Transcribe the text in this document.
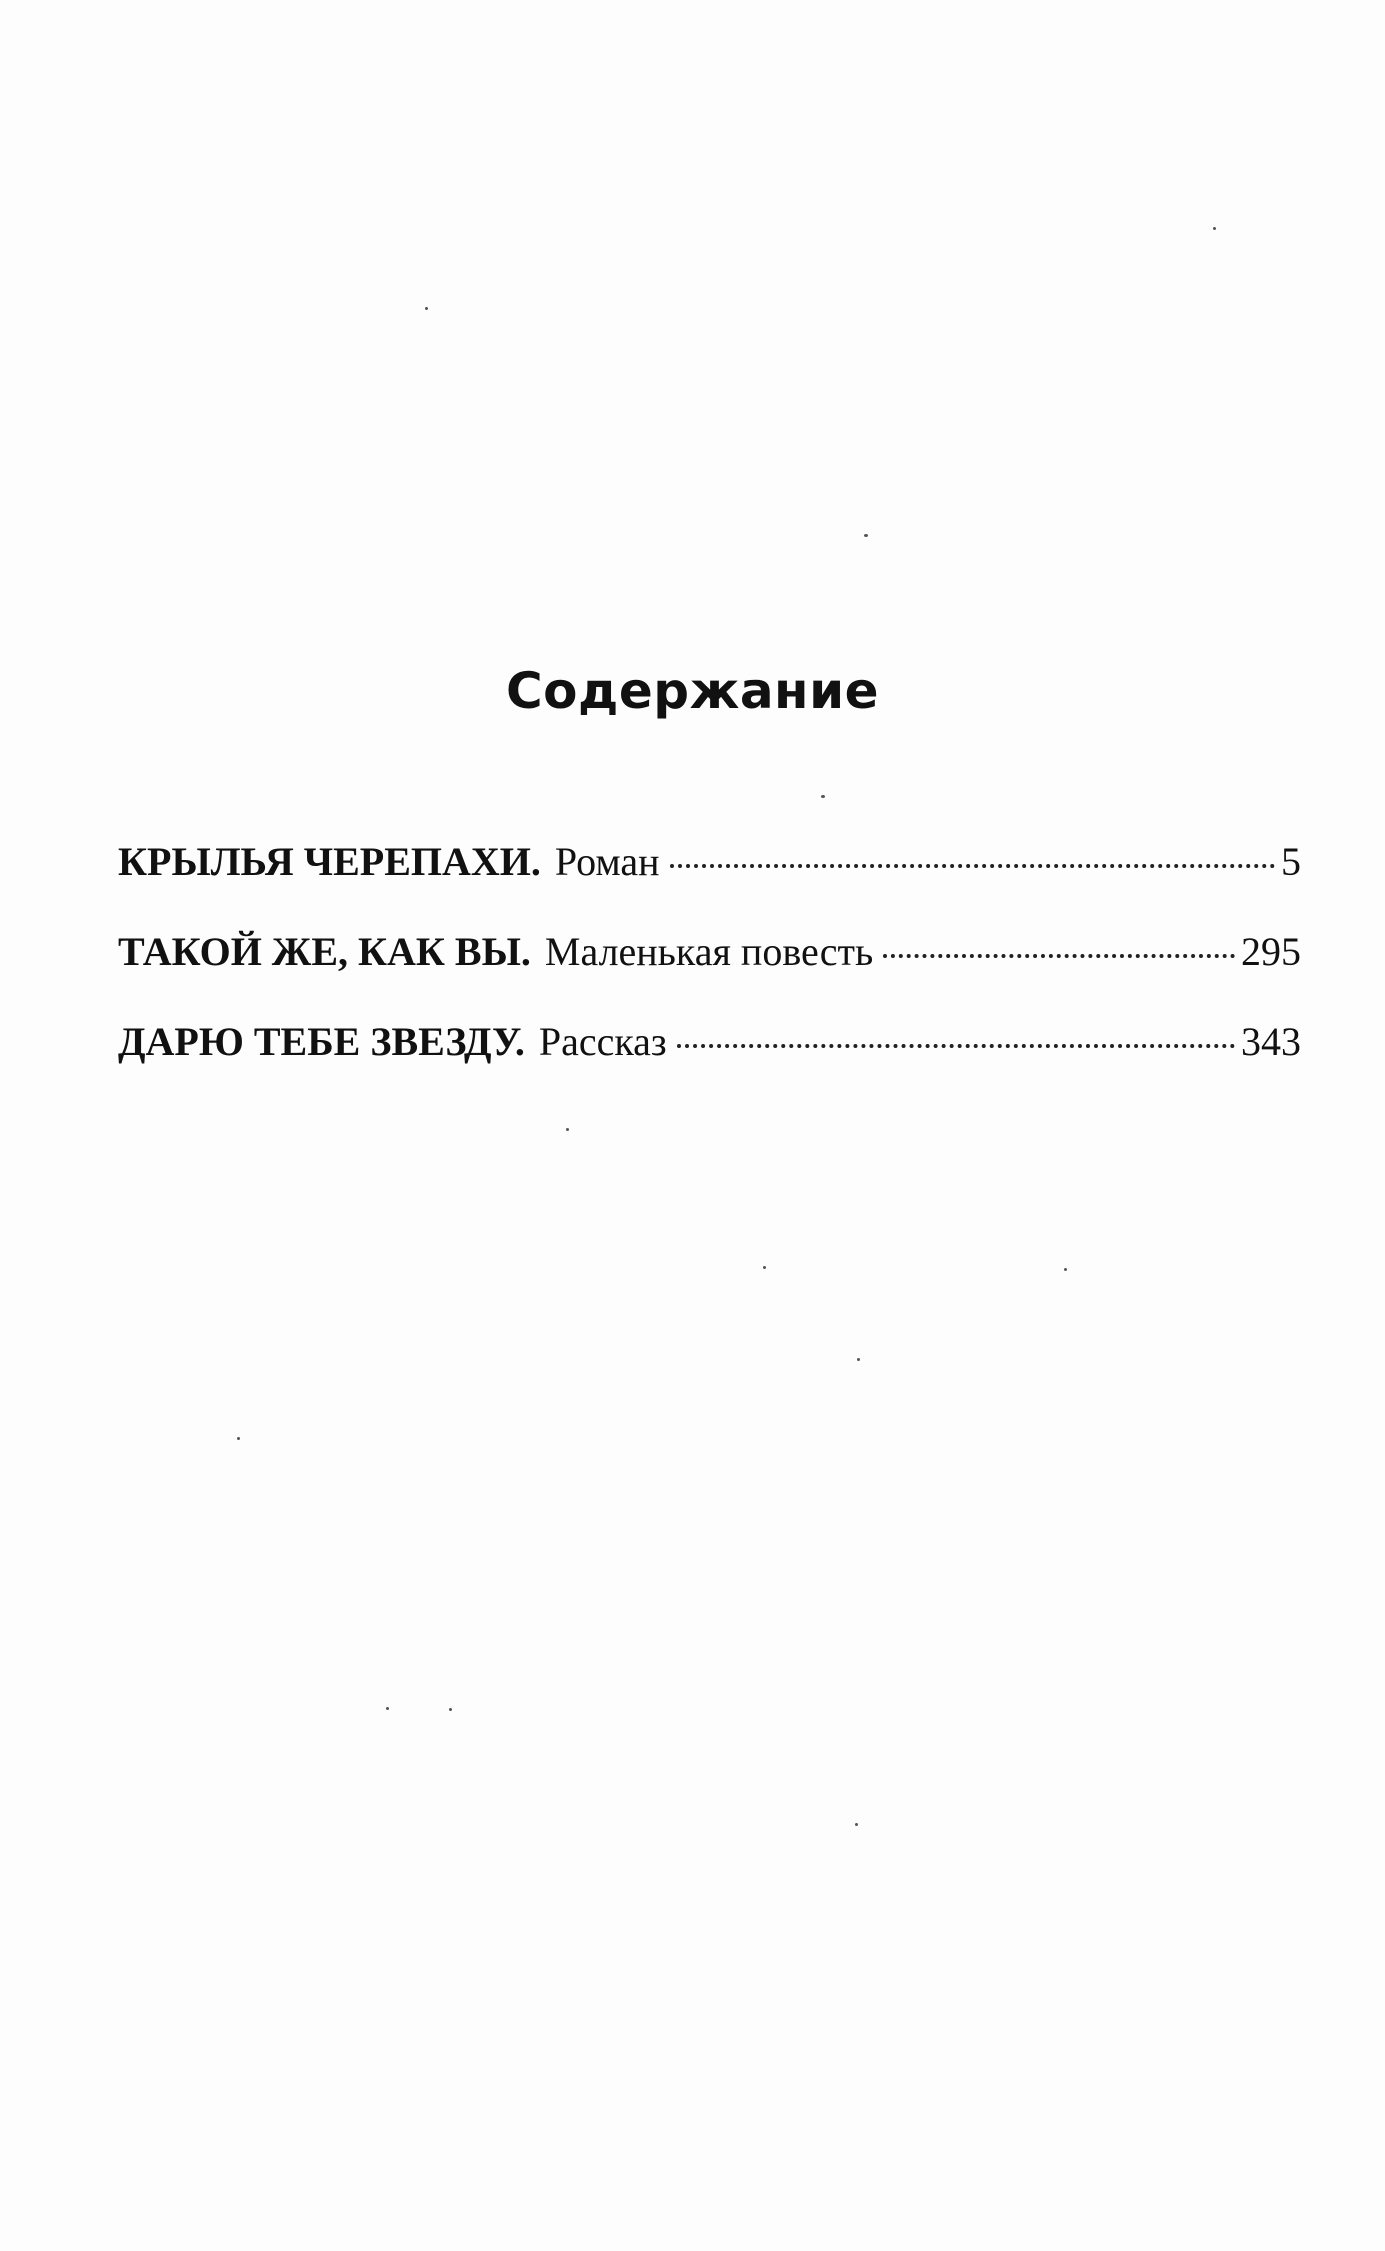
Содержание
КРЫЛЬЯ ЧЕРЕПАХИ. Роман	5
ТАКОЙ ЖЕ, КАК ВЫ. Маленькая повесть	295
ДАРЮ ТЕБЕ ЗВЕЗДУ. Рассказ	343
